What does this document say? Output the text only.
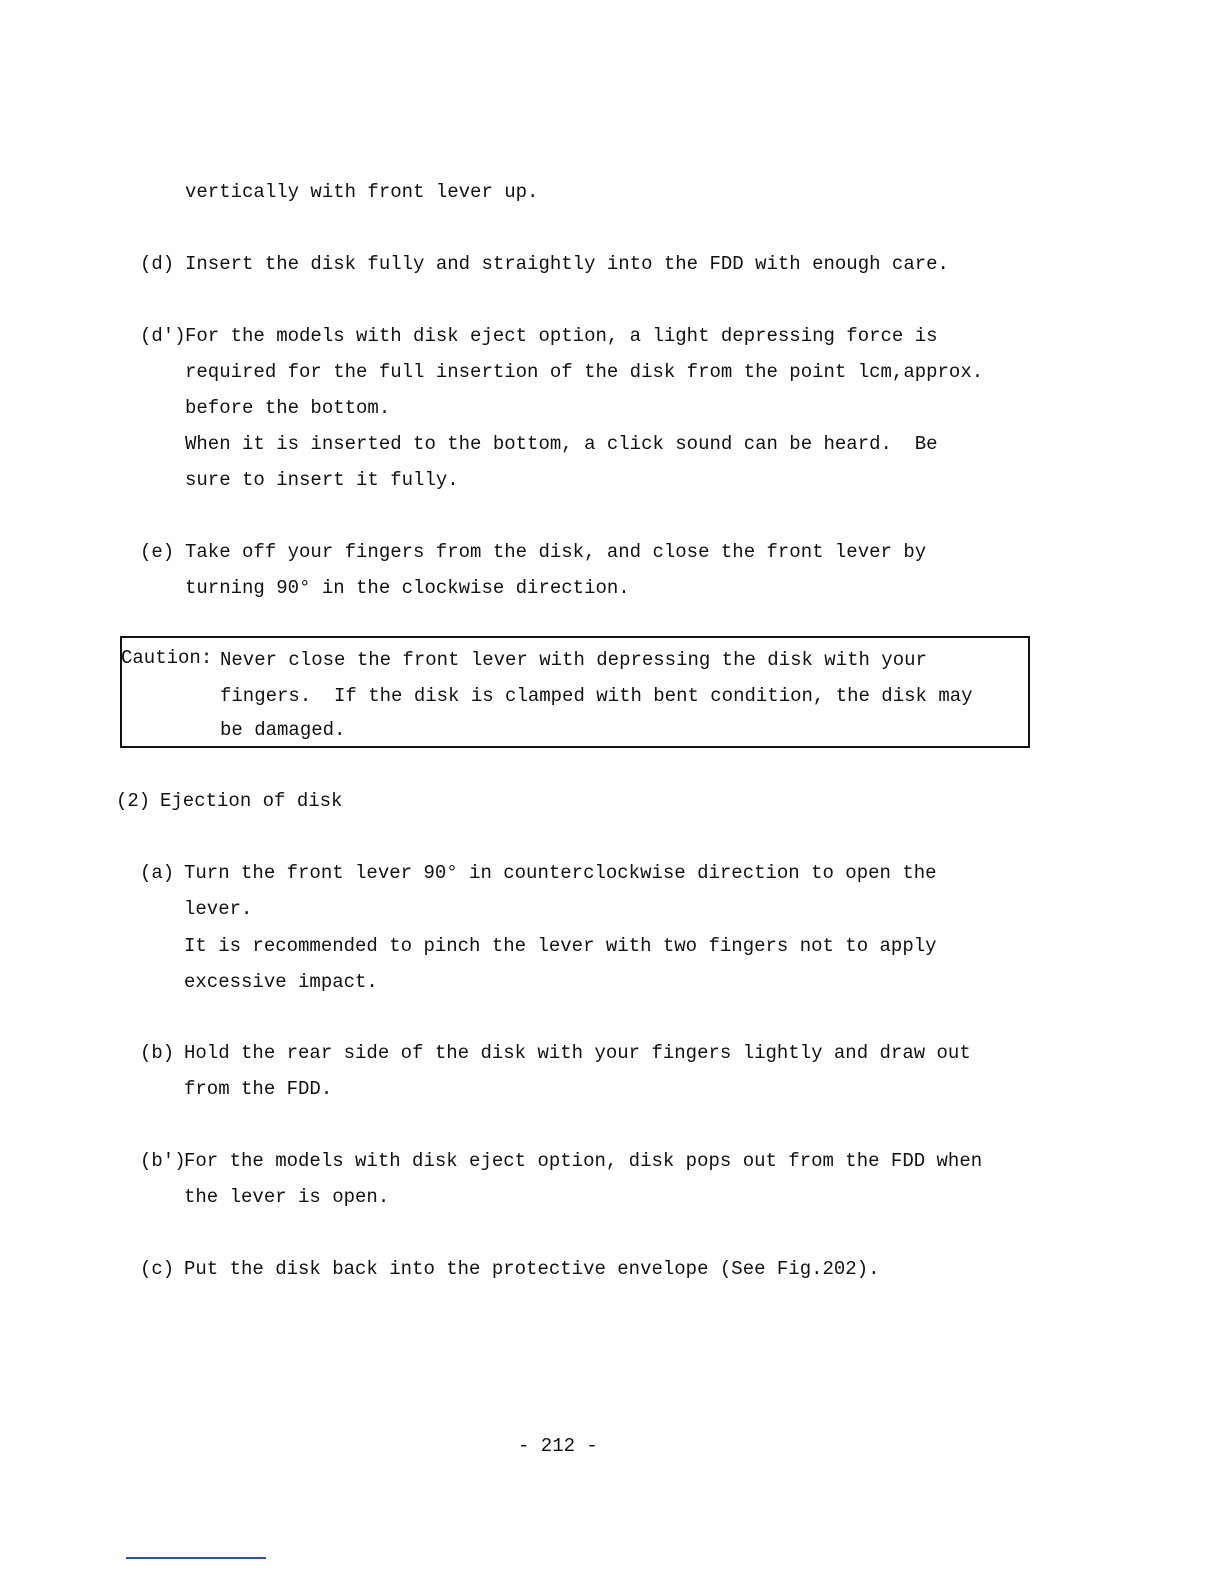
vertically with front lever up.
(d) Insert the disk fully and straightly into the FDD with enough care.
(d') For the models with disk eject option, a light depressing force is
required for the full insertion of the disk from the point lcm,approx.
before the bottom.
When it is inserted to the bottom, a click sound can be heard.  Be
sure to insert it fully.
(e) Take off your fingers from the disk, and close the front lever by
turning 90° in the clockwise direction.
Caution: Never close the front lever with depressing the disk with your
fingers.  If the disk is clamped with bent condition, the disk may
be damaged.
(2) Ejection of disk
(a) Turn the front lever 90° in counterclockwise direction to open the
lever.
It is recommended to pinch the lever with two fingers not to apply
excessive impact.
(b) Hold the rear side of the disk with your fingers lightly and draw out
from the FDD.
(b')
For the models with disk eject option, disk pops out from the FDD when
the lever is open.
(c) Put the disk back into the protective envelope (See Fig.202).
- 212 -
